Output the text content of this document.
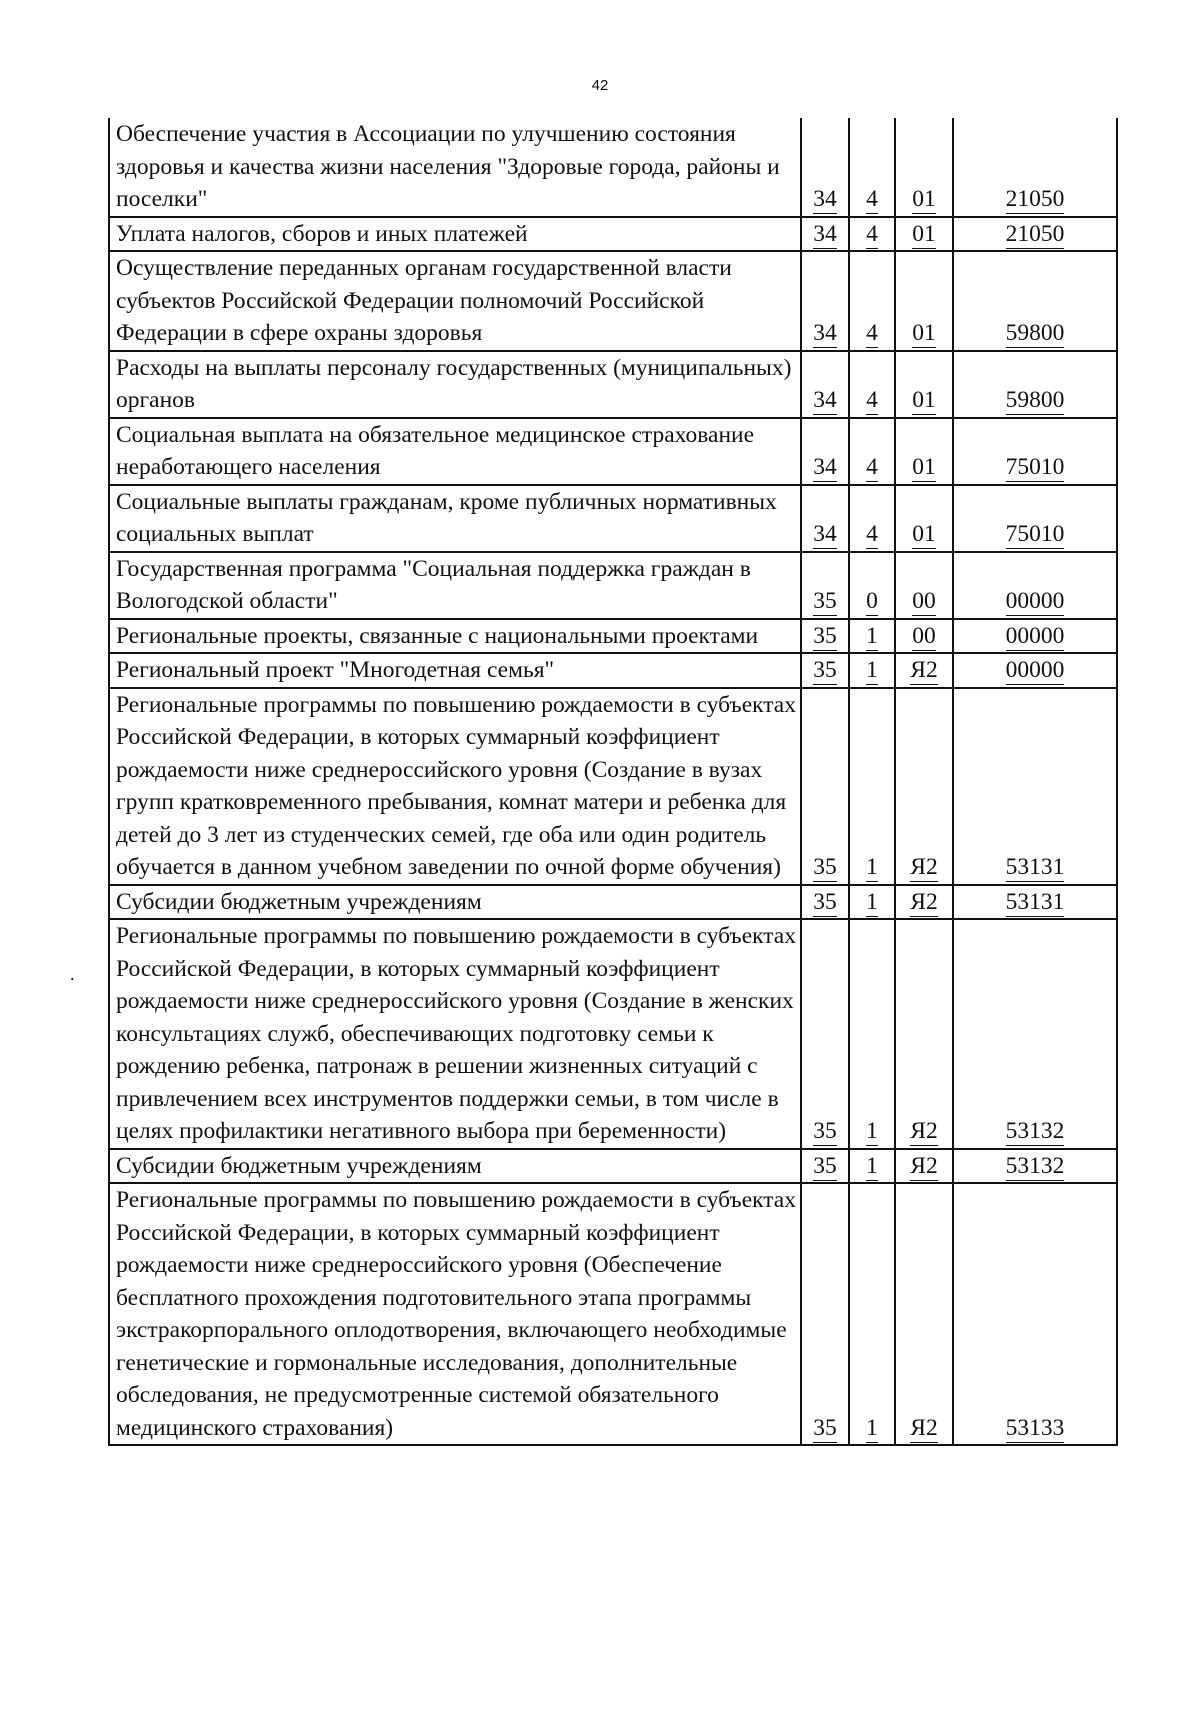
42
.
Обеспечение участия в Ассоциации по улучшению состояния здоровья и качества жизни населения "Здоровые города, районы и поселки"	34	4	01	21050
Уплата налогов, сборов и иных платежей	34	4	01	21050
Осуществление переданных органам государственной власти субъектов Российской Федерации полномочий Российской Федерации в сфере охраны здоровья	34	4	01	59800
Расходы на выплаты персоналу государственных (муниципальных) органов	34	4	01	59800
Социальная выплата на обязательное медицинское страхование неработающего населения	34	4	01	75010
Социальные выплаты гражданам, кроме публичных нормативных социальных выплат	34	4	01	75010
Государственная программа "Социальная поддержка граждан в Вологодской области"	35	0	00	00000
Региональные проекты, связанные с национальными проектами	35	1	00	00000
Региональный проект "Многодетная семья"	35	1	Я2	00000
Региональные программы по повышению рождаемости в субъектах Российской Федерации, в которых суммарный коэффициент рождаемости ниже среднероссийского уровня (Создание в вузах групп кратковременного пребывания, комнат матери и ребенка для детей до 3 лет из студенческих семей, где оба или один родитель обучается в данном учебном заведении по очной форме обучения)	35	1	Я2	53131
Субсидии бюджетным учреждениям	35	1	Я2	53131
Региональные программы по повышению рождаемости в субъектах Российской Федерации, в которых суммарный коэффициент рождаемости ниже среднероссийского уровня (Создание в женских консультациях служб, обеспечивающих подготовку семьи к рождению ребенка, патронаж в решении жизненных ситуаций с привлечением всех инструментов поддержки семьи, в том числе в целях профилактики негативного выбора при беременности)	35	1	Я2	53132
Субсидии бюджетным учреждениям	35	1	Я2	53132
Региональные программы по повышению рождаемости в субъектах Российской Федерации, в которых суммарный коэффициент рождаемости ниже среднероссийского уровня (Обеспечение бесплатного прохождения подготовительного этапа программы экстракорпорального оплодотворения, включающего необходимые генетические и гормональные исследования, дополнительные обследования, не предусмотренные системой обязательного медицинского страхования)	35	1	Я2	53133
